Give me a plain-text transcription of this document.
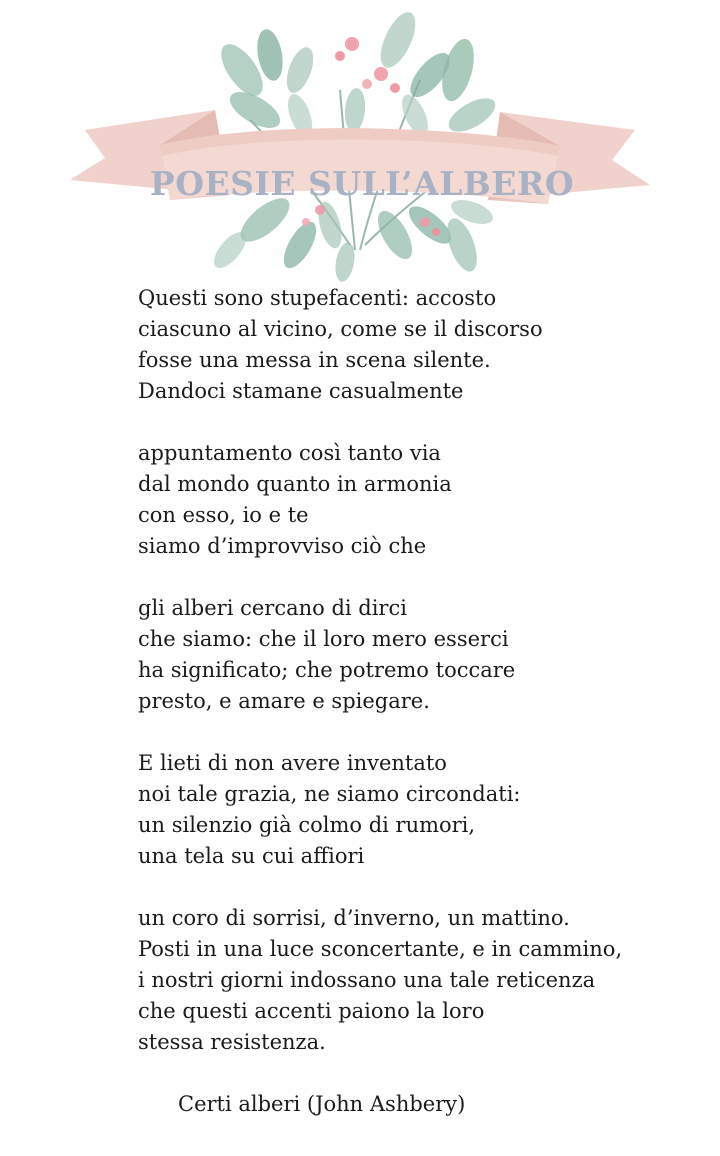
POESIE SULL’ALBERO
Questi sono stupefacenti: accosto
ciascuno al vicino, come se il discorso
fosse una messa in scena silente.
Dandoci stamane casualmente
appuntamento così tanto via
dal mondo quanto in armonia
con esso, io e te
siamo d’improvviso ciò che
gli alberi cercano di dirci
che siamo: che il loro mero esserci
ha significato; che potremo toccare
presto, e amare e spiegare.
E lieti di non avere inventato
noi tale grazia, ne siamo circondati:
un silenzio già colmo di rumori,
una tela su cui affiori
un coro di sorrisi, d’inverno, un mattino.
Posti in una luce sconcertante, e in cammino,
i nostri giorni indossano una tale reticenza
che questi accenti paiono la loro
stessa resistenza.
Certi alberi (John Ashbery)
